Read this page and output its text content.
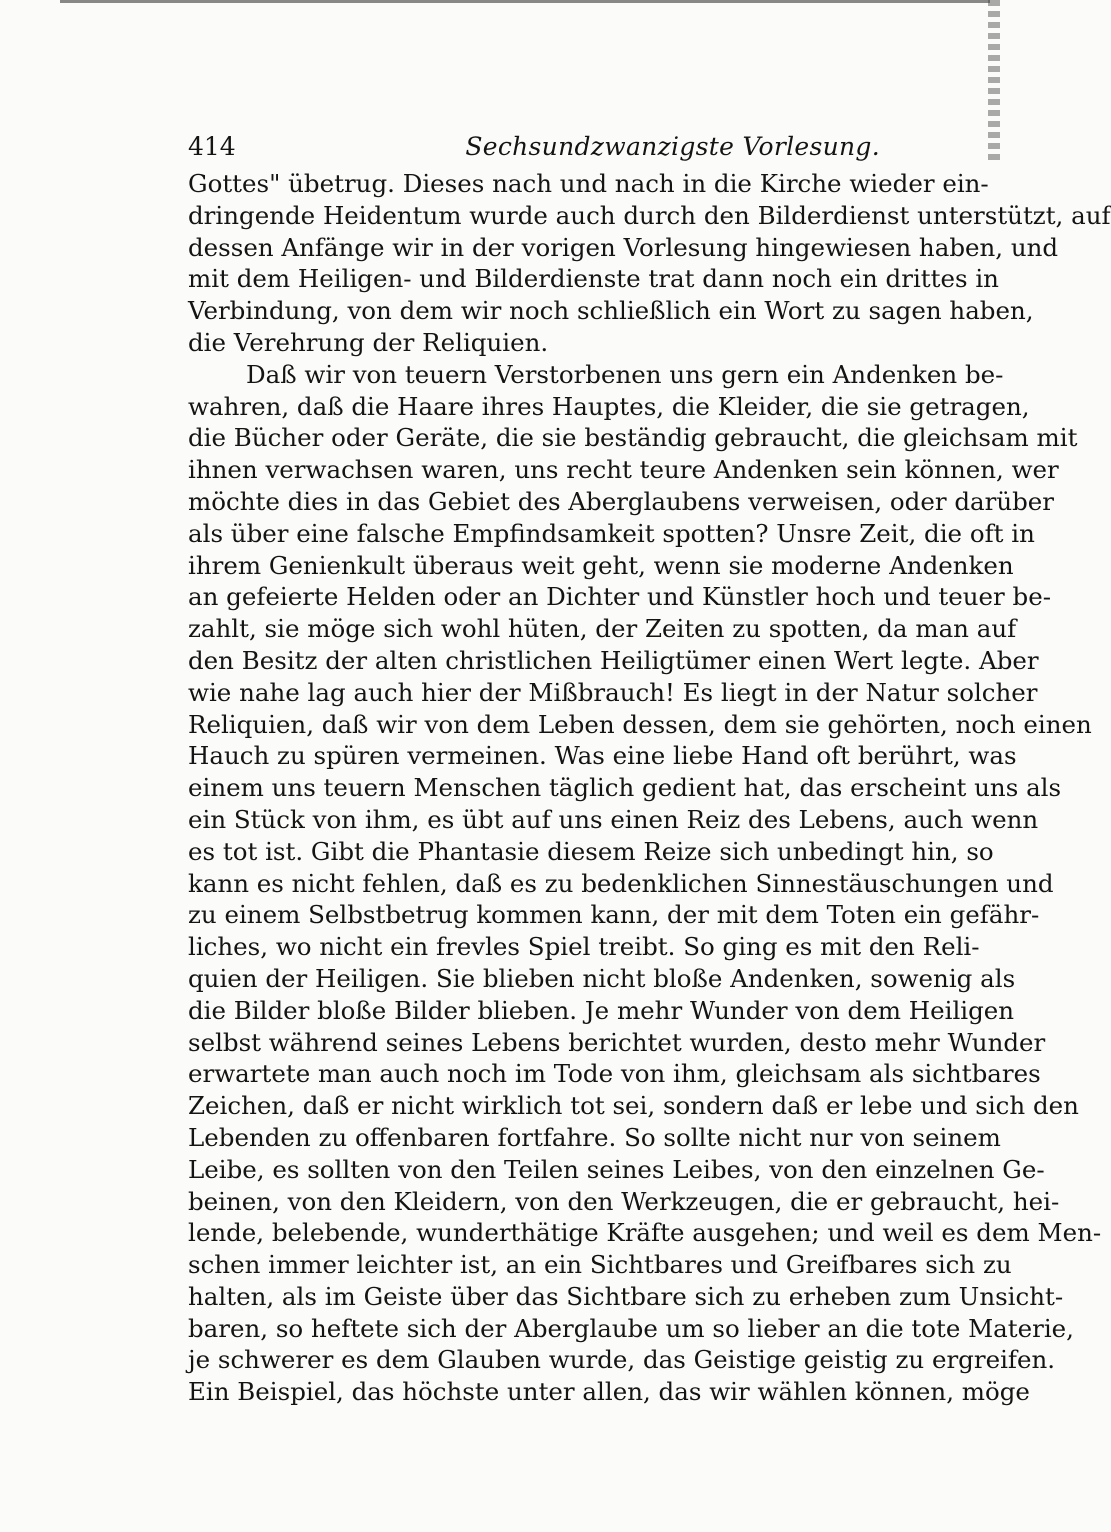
414	Sechsundzwanzigste Vorlesung.
Gottes" übetrug. Dieses nach und nach in die Kirche wieder ein-
dringende Heidentum wurde auch durch den Bilderdienst unterstützt, auf
dessen Anfänge wir in der vorigen Vorlesung hingewiesen haben, und
mit dem Heiligen- und Bilderdienste trat dann noch ein drittes in
Verbindung, von dem wir noch schließlich ein Wort zu sagen haben,
die Verehrung der Reliquien.
Daß wir von teuern Verstorbenen uns gern ein Andenken be-
wahren, daß die Haare ihres Hauptes, die Kleider, die sie getragen,
die Bücher oder Geräte, die sie beständig gebraucht, die gleichsam mit
ihnen verwachsen waren, uns recht teure Andenken sein können, wer
möchte dies in das Gebiet des Aberglaubens verweisen, oder darüber
als über eine falsche Empfindsamkeit spotten? Unsre Zeit, die oft in
ihrem Genienkult überaus weit geht, wenn sie moderne Andenken
an gefeierte Helden oder an Dichter und Künstler hoch und teuer be-
zahlt, sie möge sich wohl hüten, der Zeiten zu spotten, da man auf
den Besitz der alten christlichen Heiligtümer einen Wert legte. Aber
wie nahe lag auch hier der Mißbrauch! Es liegt in der Natur solcher
Reliquien, daß wir von dem Leben dessen, dem sie gehörten, noch einen
Hauch zu spüren vermeinen. Was eine liebe Hand oft berührt, was
einem uns teuern Menschen täglich gedient hat, das erscheint uns als
ein Stück von ihm, es übt auf uns einen Reiz des Lebens, auch wenn
es tot ist. Gibt die Phantasie diesem Reize sich unbedingt hin, so
kann es nicht fehlen, daß es zu bedenklichen Sinnestäuschungen und
zu einem Selbstbetrug kommen kann, der mit dem Toten ein gefähr-
liches, wo nicht ein frevles Spiel treibt. So ging es mit den Reli-
quien der Heiligen. Sie blieben nicht bloße Andenken, sowenig als
die Bilder bloße Bilder blieben. Je mehr Wunder von dem Heiligen
selbst während seines Lebens berichtet wurden, desto mehr Wunder
erwartete man auch noch im Tode von ihm, gleichsam als sichtbares
Zeichen, daß er nicht wirklich tot sei, sondern daß er lebe und sich den
Lebenden zu offenbaren fortfahre. So sollte nicht nur von seinem
Leibe, es sollten von den Teilen seines Leibes, von den einzelnen Ge-
beinen, von den Kleidern, von den Werkzeugen, die er gebraucht, hei-
lende, belebende, wunderthätige Kräfte ausgehen; und weil es dem Men-
schen immer leichter ist, an ein Sichtbares und Greifbares sich zu
halten, als im Geiste über das Sichtbare sich zu erheben zum Unsicht-
baren, so heftete sich der Aberglaube um so lieber an die tote Materie,
je schwerer es dem Glauben wurde, das Geistige geistig zu ergreifen.
Ein Beispiel, das höchste unter allen, das wir wählen können, möge
